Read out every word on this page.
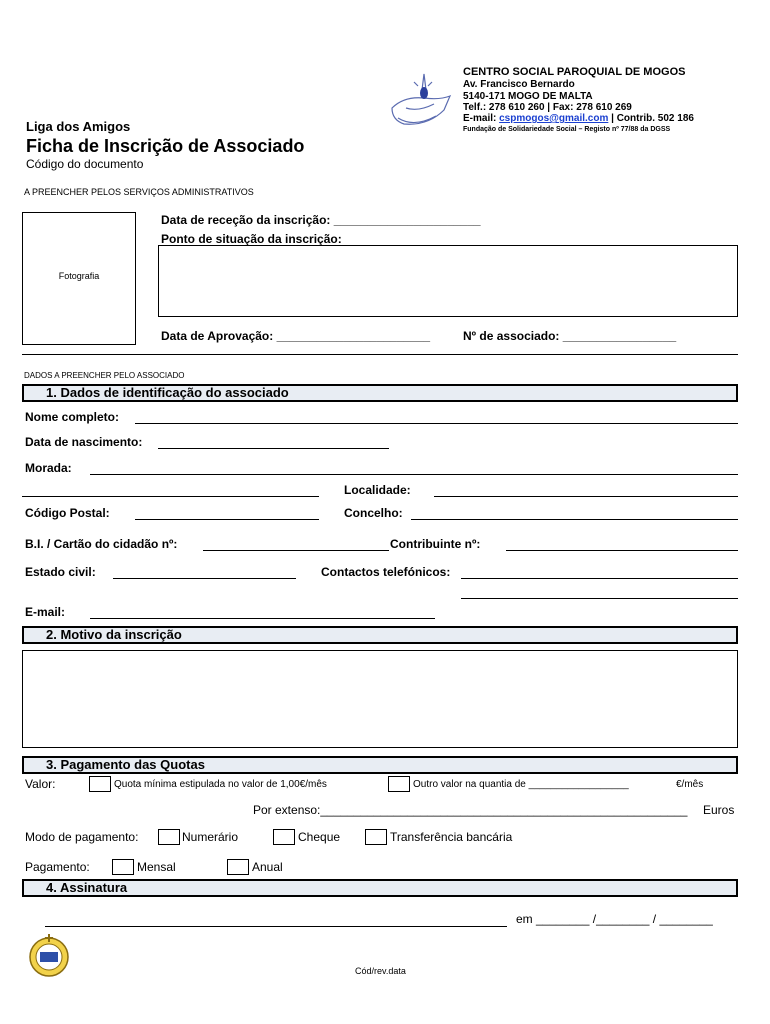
CENTRO SOCIAL PAROQUIAL DE MOGOS
Av. Francisco Bernardo
5140-171 MOGO DE MALTA
Telf.: 278 610 260 | Fax: 278 610 269
E-mail: cspmogos@gmail.com | Contrib. 502 186
Fundação de Solidariedade Social – Registo nº 77/88 da DGSS
Liga dos Amigos
Ficha de Inscrição de Associado
Código do documento
A PREENCHER PELOS SERVIÇOS ADMINISTRATIVOS
Fotografia
Data de receção da inscrição: ______________________
Ponto de situação da inscrição:
Data de Aprovação: _______________________	Nº de associado: _________________
DADOS A PREENCHER PELO ASSOCIADO
1. Dados de identificação do associado
Nome completo:
Data de nascimento:
Morada:
Localidade:
Código Postal:	Concelho:
B.I. / Cartão do cidadão nº:	Contribuinte nº:
Estado civil:	Contactos telefónicos:
E-mail:
2. Motivo da inscrição
3. Pagamento das Quotas
Valor:	Quota mínima estipulada no valor de 1,00€/mês	Outro valor na quantia de __________________	€/mês
Por extenso:_______________________________________________________ Euros
Modo de pagamento:	Numerário	Cheque	Transferência bancária
Pagamento:	Mensal	Anual
4. Assinatura
em ________ /________ / ________
Cód/rev.data
